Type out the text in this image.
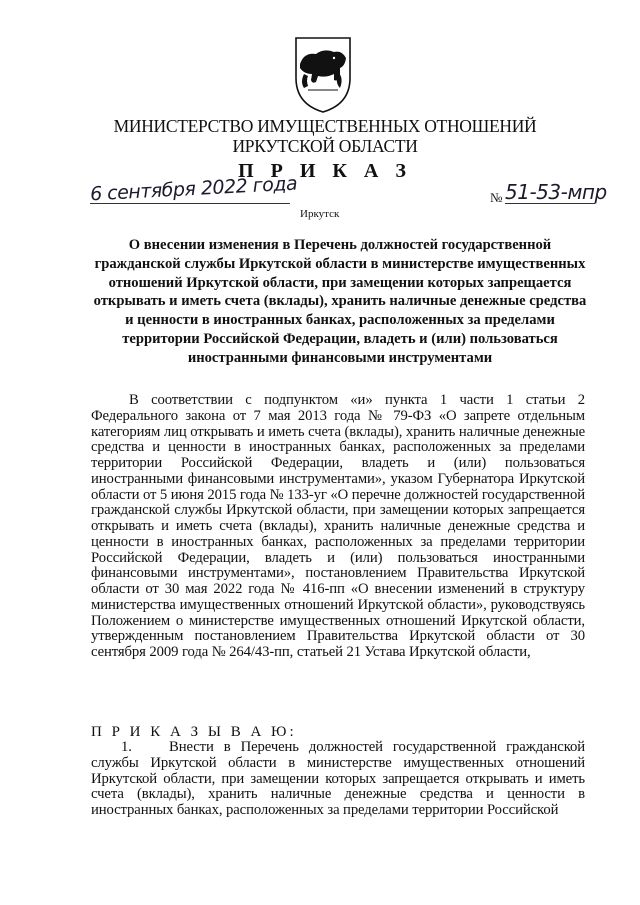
МИНИСТЕРСТВО ИМУЩЕСТВЕННЫХ ОТНОШЕНИЙ
ИРКУТСКОЙ ОБЛАСТИ
П Р И К А З
6 сентября 2022 года	№ 51-53-мпр
Иркутск
О внесении изменения в Перечень должностей государственной гражданской службы Иркутской области в министерстве имущественных отношений Иркутской области, при замещении которых запрещается открывать и иметь счета (вклады), хранить наличные денежные средства и ценности в иностранных банках, расположенных за пределами территории Российской Федерации, владеть и (или) пользоваться иностранными финансовыми инструментами
В соответствии с подпунктом «и» пункта 1 части 1 статьи 2 Федерального закона от 7 мая 2013 года № 79-ФЗ «О запрете отдельным категориям лиц открывать и иметь счета (вклады), хранить наличные денежные средства и ценности в иностранных банках, расположенных за пределами территории Российской Федерации, владеть и (или) пользоваться иностранными финансовыми инструментами», указом Губернатора Иркутской области от 5 июня 2015 года № 133-уг «О перечне должностей государственной гражданской службы Иркутской области, при замещении которых запрещается открывать и иметь счета (вклады), хранить наличные денежные средства и ценности в иностранных банках, расположенных за пределами территории Российской Федерации, владеть и (или) пользоваться иностранными финансовыми инструментами», постановлением Правительства Иркутской области от 30 мая 2022 года № 416-пп «О внесении изменений в структуру министерства имущественных отношений Иркутской области», руководствуясь Положением о министерстве имущественных отношений Иркутской области, утвержденным постановлением Правительства Иркутской области от 30 сентября 2009 года № 264/43-пп, статьей 21 Устава Иркутской области,
П Р И К А З Ы В А Ю:
1.	Внести в Перечень должностей государственной гражданской службы Иркутской области в министерстве имущественных отношений Иркутской области, при замещении которых запрещается открывать и иметь счета (вклады), хранить наличные денежные средства и ценности в иностранных банках, расположенных за пределами территории Российской
